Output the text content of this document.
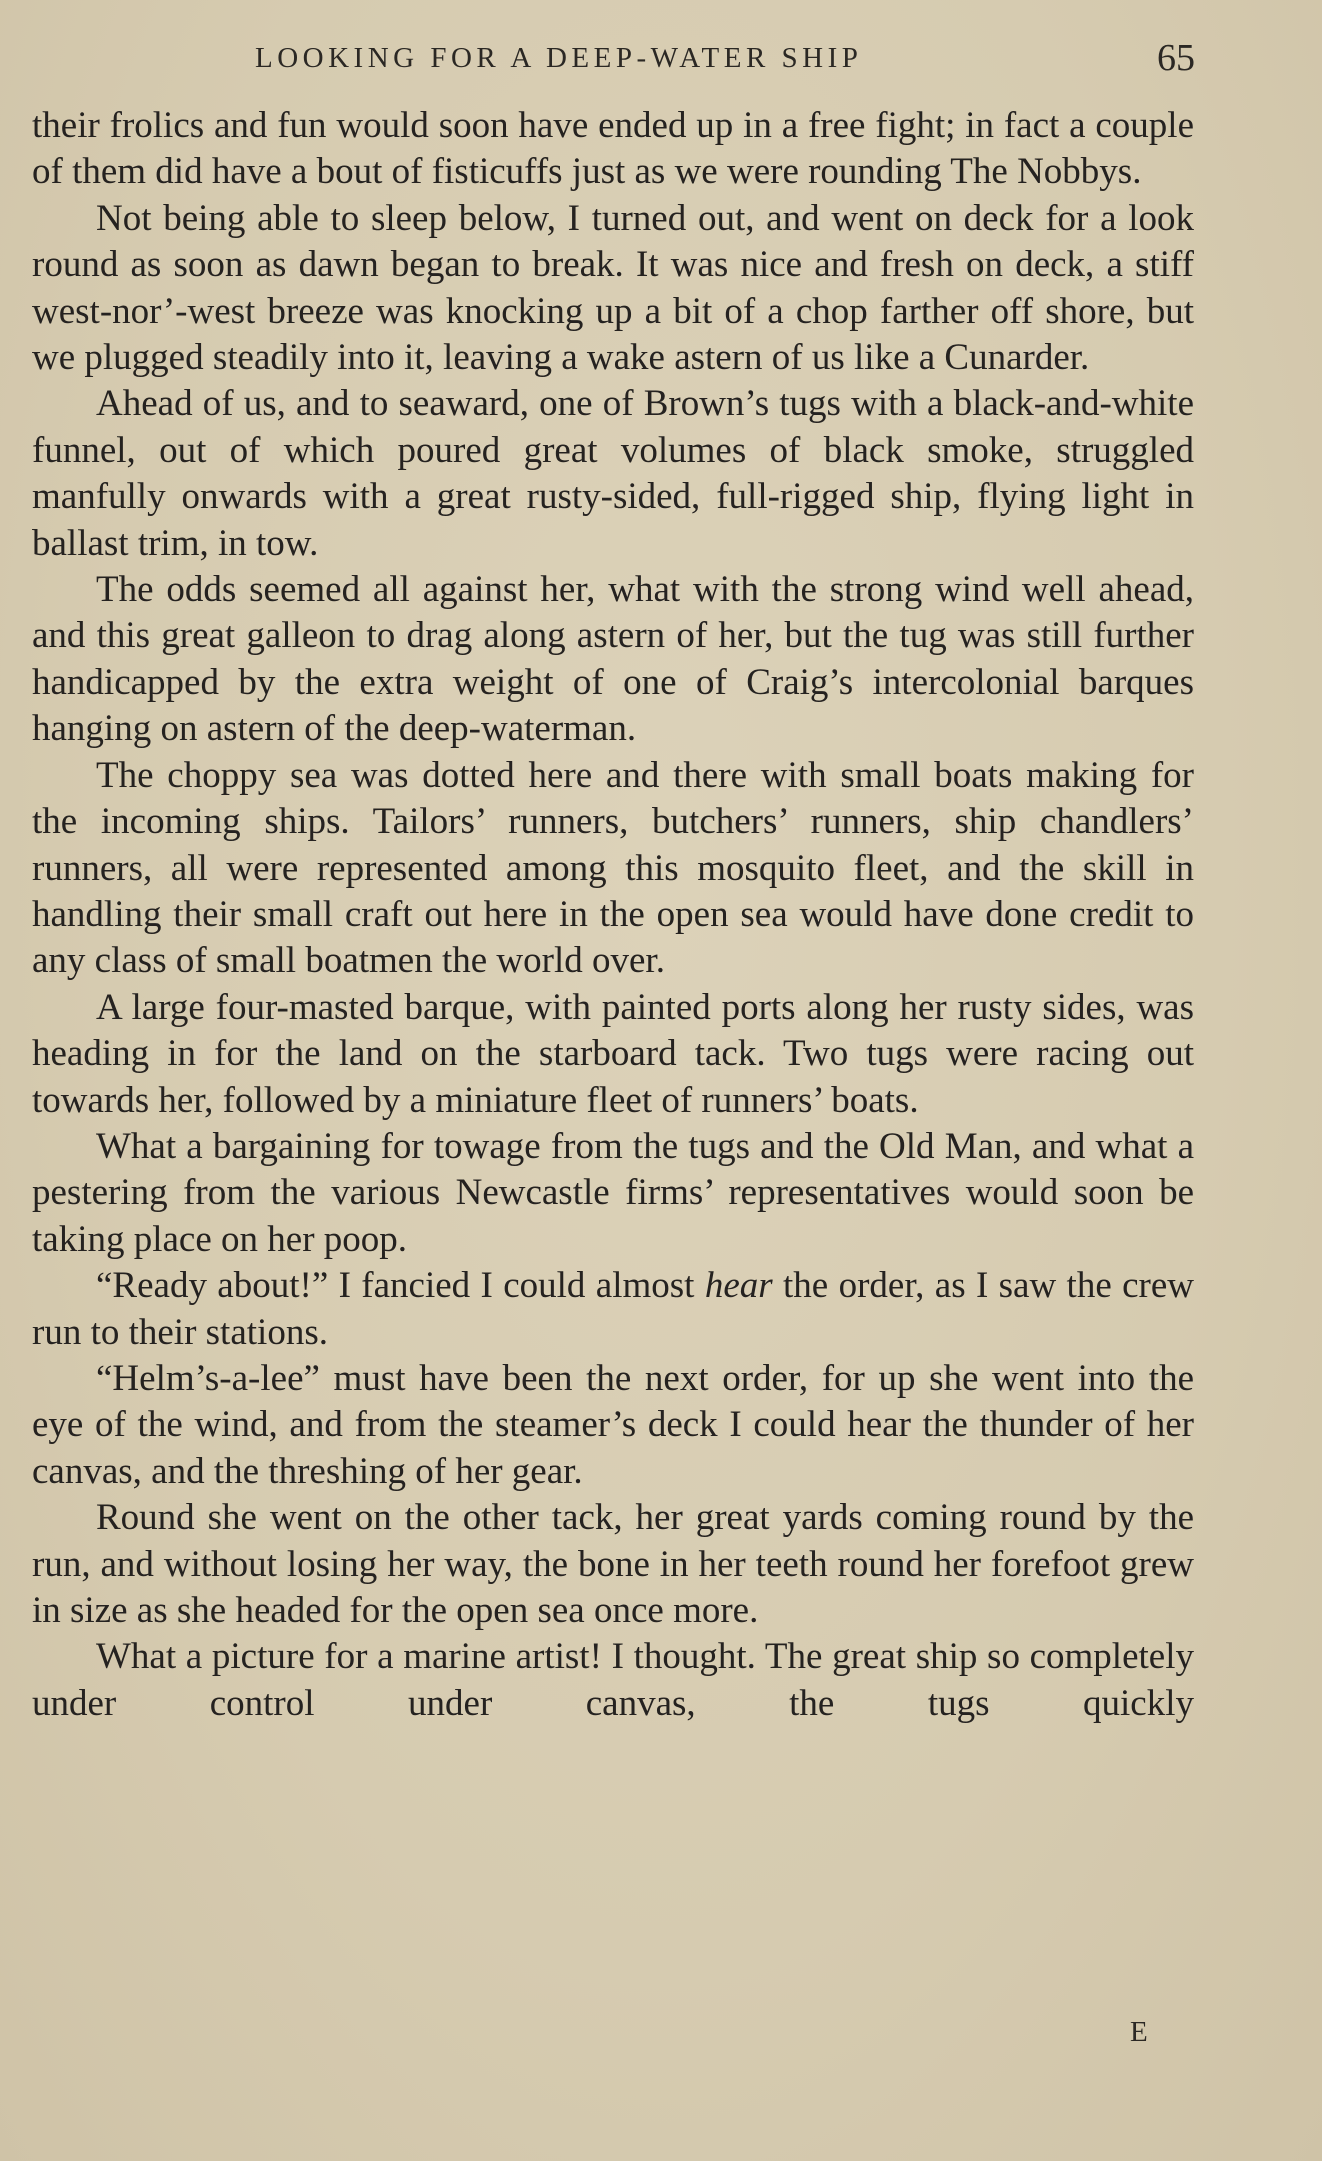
LOOKING FOR A DEEP-WATER SHIP	65

their frolics and fun would soon have ended up in a free fight; in fact a couple of them did have a bout of fisticuffs just as we were rounding The Nobbys.

Not being able to sleep below, I turned out, and went on deck for a look round as soon as dawn began to break. It was nice and fresh on deck, a stiff west-nor’-west breeze was knocking up a bit of a chop farther off shore, but we plugged steadily into it, leaving a wake astern of us like a Cunarder.

Ahead of us, and to seaward, one of Brown’s tugs with a black-and-white funnel, out of which poured great volumes of black smoke, struggled manfully onwards with a great rusty-sided, full-rigged ship, flying light in ballast trim, in tow.

The odds seemed all against her, what with the strong wind well ahead, and this great galleon to drag along astern of her, but the tug was still further handicapped by the extra weight of one of Craig’s intercolonial barques hanging on astern of the deep-waterman.

The choppy sea was dotted here and there with small boats making for the incoming ships. Tailors’ runners, butchers’ runners, ship chandlers’ runners, all were represented among this mosquito fleet, and the skill in handling their small craft out here in the open sea would have done credit to any class of small boatmen the world over.

A large four-masted barque, with painted ports along her rusty sides, was heading in for the land on the starboard tack. Two tugs were racing out towards her, followed by a miniature fleet of runners’ boats.

What a bargaining for towage from the tugs and the Old Man, and what a pestering from the various Newcastle firms’ representatives would soon be taking place on her poop.

“Ready about!” I fancied I could almost hear the order, as I saw the crew run to their stations.

“Helm’s-a-lee” must have been the next order, for up she went into the eye of the wind, and from the steamer’s deck I could hear the thunder of her canvas, and the threshing of her gear.

Round she went on the other tack, her great yards coming round by the run, and without losing her way, the bone in her teeth round her forefoot grew in size as she headed for the open sea once more.

What a picture for a marine artist! I thought. The great ship so completely under control under canvas, the tugs quickly

E
